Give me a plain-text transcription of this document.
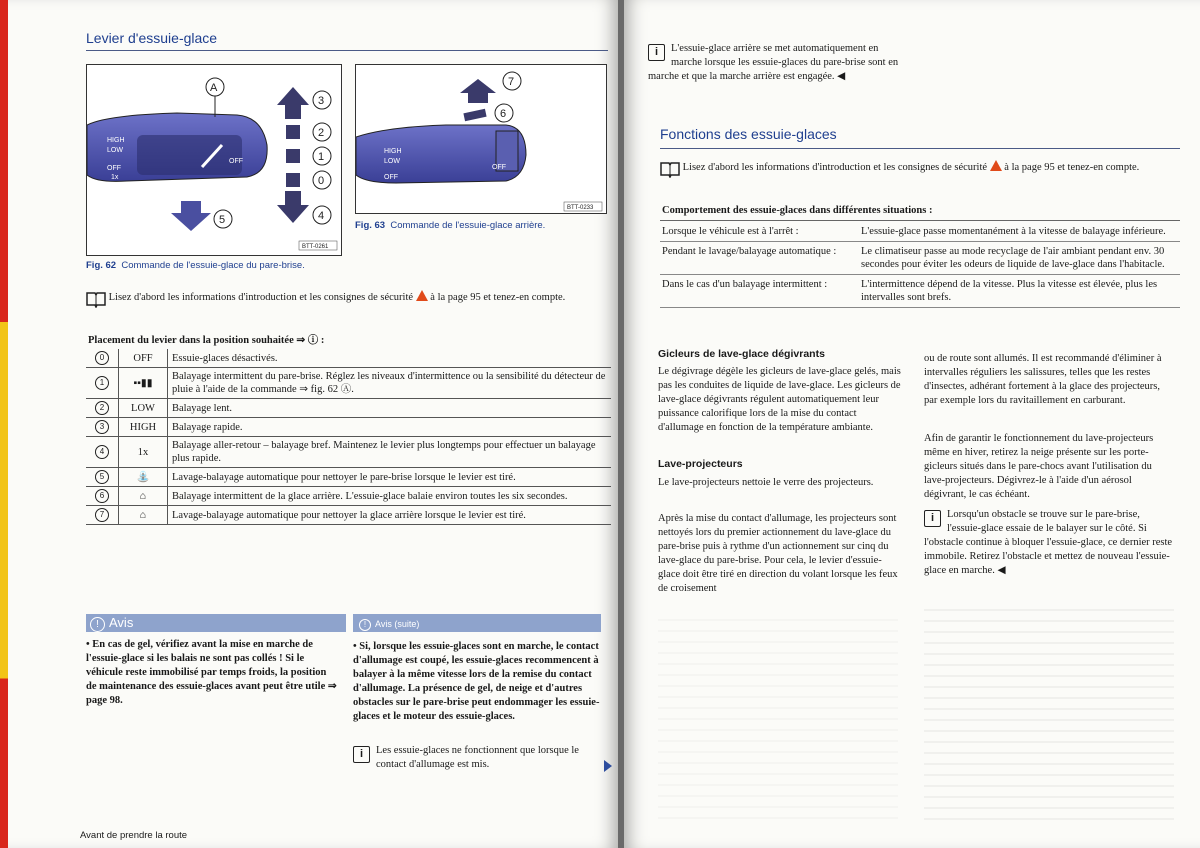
Levier d'essuie-glace
HIGH
LOW
OFF
1x
OFF
A
3
2
1
0
4
5
BTT-0261
Fig. 62 Commande de l'essuie-glace du pare-brise.
HIGH
LOW
OFF
OFF
7
6
BTT-0233
Fig. 63 Commande de l'essuie-glace arrière.
Lisez d'abord les informations d'introduction et les consignes de sécurité à la page 95 et tenez-en compte.
Placement du levier dans la position souhaitée ⇒ ⓘ :
0	OFF	Essuie-glaces désactivés.
1	▪▪▮▮	Balayage intermittent du pare-brise. Réglez les niveaux d'intermittence ou la sensibilité du détecteur de pluie à l'aide de la commande ⇒ fig. 62 Ⓐ.
2	LOW	Balayage lent.
3	HIGH	Balayage rapide.
4	1x	Balayage aller-retour – balayage bref. Maintenez le levier plus longtemps pour effectuer un balayage plus rapide.
5	⛲	Lavage-balayage automatique pour nettoyer le pare-brise lorsque le levier est tiré.
6	⌂	Balayage intermittent de la glace arrière. L'essuie-glace balaie environ toutes les six secondes.
7	⌂	Lavage-balayage automatique pour nettoyer la glace arrière lorsque le levier est tiré.
! Avis
• En cas de gel, vérifiez avant la mise en marche de l'essuie-glace si les balais ne sont pas collés ! Si le véhicule reste immobilisé par temps froids, la position de maintenance des essuie-glaces avant peut être utile ⇒ page 98.
! Avis (suite)
• Si, lorsque les essuie-glaces sont en marche, le contact d'allumage est coupé, les essuie-glaces recommencent à balayer à la même vitesse lors de la remise du contact d'allumage. La présence de gel, de neige et d'autres obstacles sur le pare-brise peut endommager les essuie-glaces et le moteur des essuie-glaces.
i	Les essuie-glaces ne fonctionnent que lorsque le contact d'allumage est mis.
Avant de prendre la route
i	L'essuie-glace arrière se met automatiquement en marche lorsque les essuie-glaces du pare-brise sont en marche et que la marche arrière est engagée. ◀
Fonctions des essuie-glaces
Lisez d'abord les informations d'introduction et les consignes de sécurité à la page 95 et tenez-en compte.
Comportement des essuie-glaces dans différentes situations :
Lorsque le véhicule est à l'arrêt :	L'essuie-glace passe momentanément à la vitesse de balayage inférieure.
Pendant le lavage/balayage automatique :	Le climatiseur passe au mode recyclage de l'air ambiant pendant env. 30 secondes pour éviter les odeurs de liquide de lave-glace dans l'habitacle.
Dans le cas d'un balayage intermittent :	L'intermittence dépend de la vitesse. Plus la vitesse est élevée, plus les intervalles sont brefs.
Gicleurs de lave-glace dégivrants
Le dégivrage dégèle les gicleurs de lave-glace gelés, mais pas les conduites de liquide de lave-glace. Les gicleurs de lave-glace dégivrants régulent automatiquement leur puissance calorifique lors de la mise du contact d'allumage en fonction de la température ambiante.
Lave-projecteurs
Le lave-projecteurs nettoie le verre des projecteurs.
Après la mise du contact d'allumage, les projecteurs sont nettoyés lors du premier actionnement du lave-glace du pare-brise puis à rythme d'un actionnement sur cinq du lave-glace du pare-brise. Pour cela, le levier d'essuie-glace doit être tiré en direction du volant lorsque les feux de croisement
ou de route sont allumés. Il est recommandé d'éliminer à intervalles réguliers les salissures, telles que les restes d'insectes, adhérant fortement à la glace des projecteurs, par exemple lors du ravitaillement en carburant.
Afin de garantir le fonctionnement du lave-projecteurs même en hiver, retirez la neige présente sur les porte-gicleurs situés dans le pare-chocs avant l'utilisation du lave-projecteurs. Dégivrez-le à l'aide d'un aérosol dégivrant, le cas échéant.
i	Lorsqu'un obstacle se trouve sur le pare-brise, l'essuie-glace essaie de le balayer sur le côté. Si l'obstacle continue à bloquer l'essuie-glace, ce dernier reste immobile. Retirez l'obstacle et mettez de nouveau l'essuie-glace en marche. ◀
